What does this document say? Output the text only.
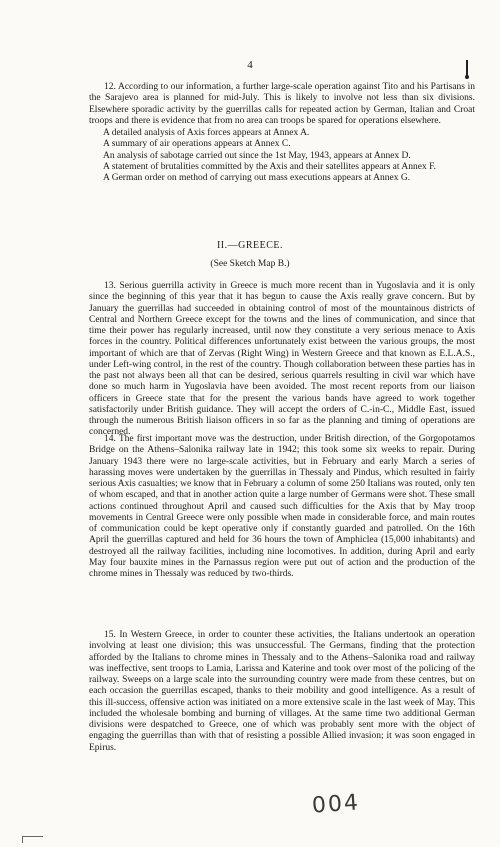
4

12. According to our information, a further large-scale operation against Tito and his Partisans in the Sarajevo area is planned for mid-July. This is likely to involve not less than six divisions. Elsewhere sporadic activity by the guerrillas calls for repeated action by German, Italian and Croat troops and there is evidence that from no area can troops be spared for operations elsewhere.

A detailed analysis of Axis forces appears at Annex A.

A summary of air operations appears at Annex C.

An analysis of sabotage carried out since the 1st May, 1943, appears at Annex D.

A statement of brutalities committed by the Axis and their satellites appears at Annex F.

A German order on method of carrying out mass executions appears at Annex G.

II.—GREECE.
(See Sketch Map B.)

13. Serious guerrilla activity in Greece is much more recent than in Yugoslavia and it is only since the beginning of this year that it has begun to cause the Axis really grave concern. But by January the guerrillas had succeeded in obtaining control of most of the mountainous districts of Central and Northern Greece except for the towns and the lines of communication, and since that time their power has regularly increased, until now they constitute a very serious menace to Axis forces in the country. Political differences unfortunately exist between the various groups, the most important of which are that of Zervas (Right Wing) in Western Greece and that known as E.L.A.S., under Left-wing control, in the rest of the country. Though collaboration between these parties has in the past not always been all that can be desired, serious quarrels resulting in civil war which have done so much harm in Yugoslavia have been avoided. The most recent reports from our liaison officers in Greece state that for the present the various bands have agreed to work together satisfactorily under British guidance. They will accept the orders of C.-in-C., Middle East, issued through the numerous British liaison officers in so far as the planning and timing of operations are concerned.

14. The first important move was the destruction, under British direction, of the Gorgopotamos Bridge on the Athens–Salonika railway late in 1942; this took some six weeks to repair. During January 1943 there were no large-scale activities, but in February and early March a series of harassing moves were undertaken by the guerrillas in Thessaly and Pindus, which resulted in fairly serious Axis casualties; we know that in February a column of some 250 Italians was routed, only ten of whom escaped, and that in another action quite a large number of Germans were shot. These small actions continued throughout April and caused such difficulties for the Axis that by May troop movements in Central Greece were only possible when made in considerable force, and main routes of communication could be kept operative only if constantly guarded and patrolled. On the 16th April the guerrillas captured and held for 36 hours the town of Amphiclea (15,000 inhabitants) and destroyed all the railway facilities, including nine locomotives. In addition, during April and early May four bauxite mines in the Parnassus region were put out of action and the production of the chrome mines in Thessaly was reduced by two-thirds.

15. In Western Greece, in order to counter these activities, the Italians undertook an operation involving at least one division; this was unsuccessful. The Germans, finding that the protection afforded by the Italians to chrome mines in Thessaly and to the Athens–Salonika road and railway was ineffective, sent troops to Lamia, Larissa and Katerine and took over most of the policing of the railway. Sweeps on a large scale into the surrounding country were made from these centres, but on each occasion the guerrillas escaped, thanks to their mobility and good intelligence. As a result of this ill-success, offensive action was initiated on a more extensive scale in the last week of May. This included the wholesale bombing and burning of villages. At the same time two additional German divisions were despatched to Greece, one of which was probably sent more with the object of engaging the guerrillas than with that of resisting a possible Allied invasion; it was soon engaged in Epirus.

004
